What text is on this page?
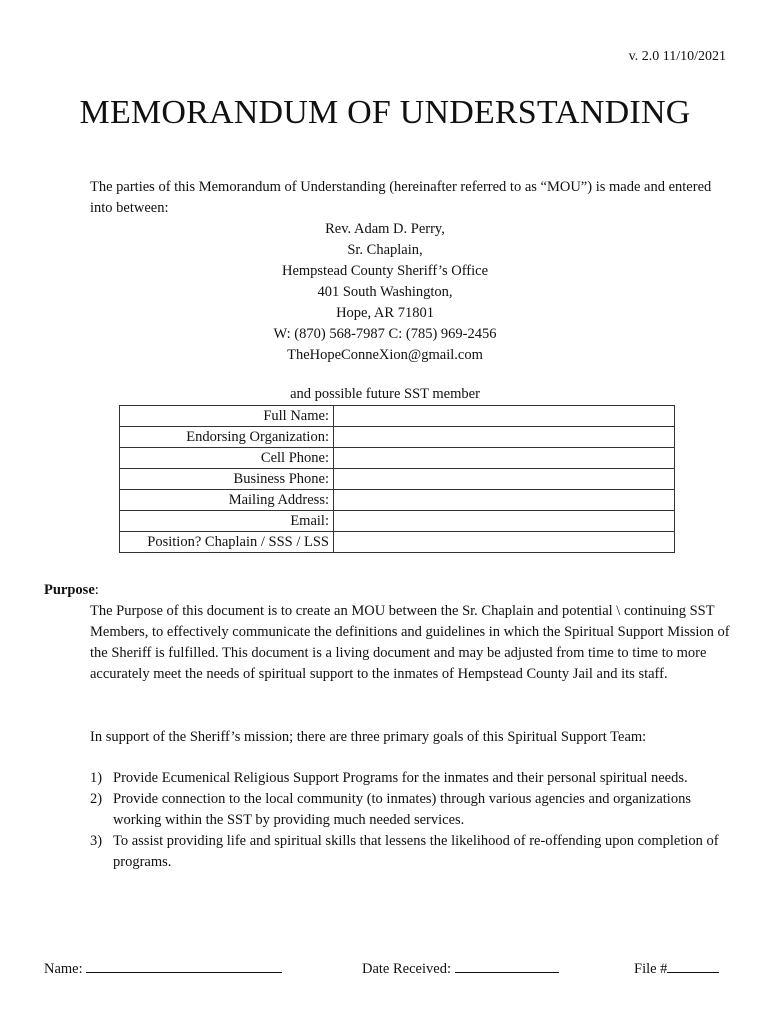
v. 2.0 11/10/2021
MEMORANDUM OF UNDERSTANDING
The parties of this Memorandum of Understanding (hereinafter referred to as “MOU”) is made and entered into between:
Rev. Adam D. Perry,
Sr. Chaplain,
Hempstead County Sheriff’s Office
401 South Washington,
Hope, AR 71801
W: (870) 568-7987 C: (785) 969-2456
TheHopeConneXion@gmail.com
and possible future SST member
Full Name:	
Endorsing Organization:	
Cell Phone:	
Business Phone:	
Mailing Address:	
Email:	
Position? Chaplain / SSS / LSS	
Purpose:
The Purpose of this document is to create an MOU between the Sr. Chaplain and potential \ continuing SST Members, to effectively communicate the definitions and guidelines in which the Spiritual Support Mission of the Sheriff is fulfilled. This document is a living document and may be adjusted from time to time to more accurately meet the needs of spiritual support to the inmates of Hempstead County Jail and its staff.
In support of the Sheriff’s mission; there are three primary goals of this Spiritual Support Team:
1) Provide Ecumenical Religious Support Programs for the inmates and their personal spiritual needs.
2) Provide connection to the local community (to inmates) through various agencies and organizations working within the SST by providing much needed services.
3) To assist providing life and spiritual skills that lessens the likelihood of re-offending upon completion of programs.
Name:	Date Received:	File #
